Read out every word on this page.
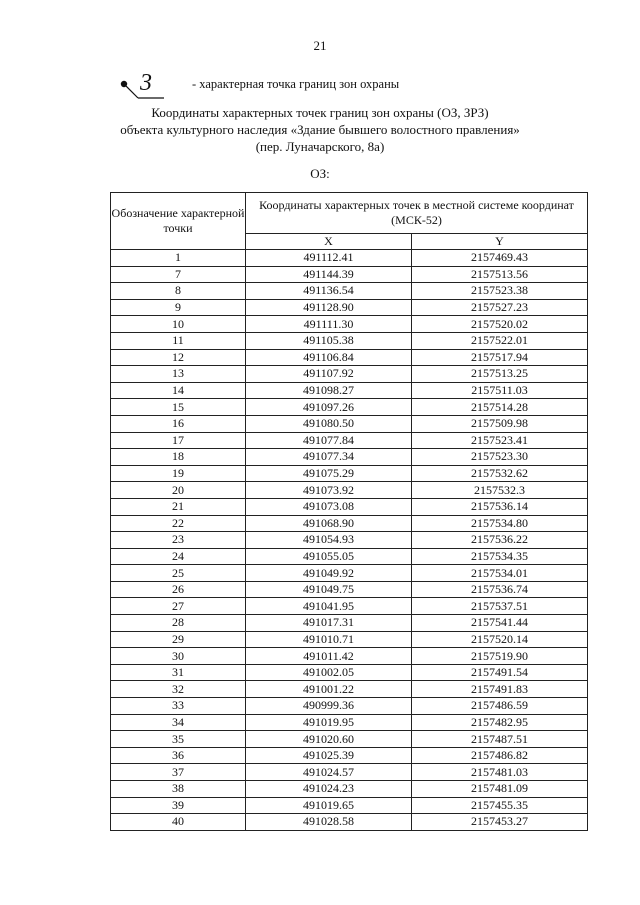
21
3	- характерная точка границ зон охраны
Координаты характерных точек границ зон охраны (ОЗ, ЗРЗ)
объекта культурного наследия «Здание бывшего волостного правления»
(пер. Луначарского, 8а)
ОЗ:
Обозначение характерной точки	Координаты характерных точек в местной системе координат (МСК-52)	
	X	Y
1	491112.41	2157469.43
7	491144.39	2157513.56
8	491136.54	2157523.38
9	491128.90	2157527.23
10	491111.30	2157520.02
11	491105.38	2157522.01
12	491106.84	2157517.94
13	491107.92	2157513.25
14	491098.27	2157511.03
15	491097.26	2157514.28
16	491080.50	2157509.98
17	491077.84	2157523.41
18	491077.34	2157523.30
19	491075.29	2157532.62
20	491073.92	2157532.3
21	491073.08	2157536.14
22	491068.90	2157534.80
23	491054.93	2157536.22
24	491055.05	2157534.35
25	491049.92	2157534.01
26	491049.75	2157536.74
27	491041.95	2157537.51
28	491017.31	2157541.44
29	491010.71	2157520.14
30	491011.42	2157519.90
31	491002.05	2157491.54
32	491001.22	2157491.83
33	490999.36	2157486.59
34	491019.95	2157482.95
35	491020.60	2157487.51
36	491025.39	2157486.82
37	491024.57	2157481.03
38	491024.23	2157481.09
39	491019.65	2157455.35
40	491028.58	2157453.27
